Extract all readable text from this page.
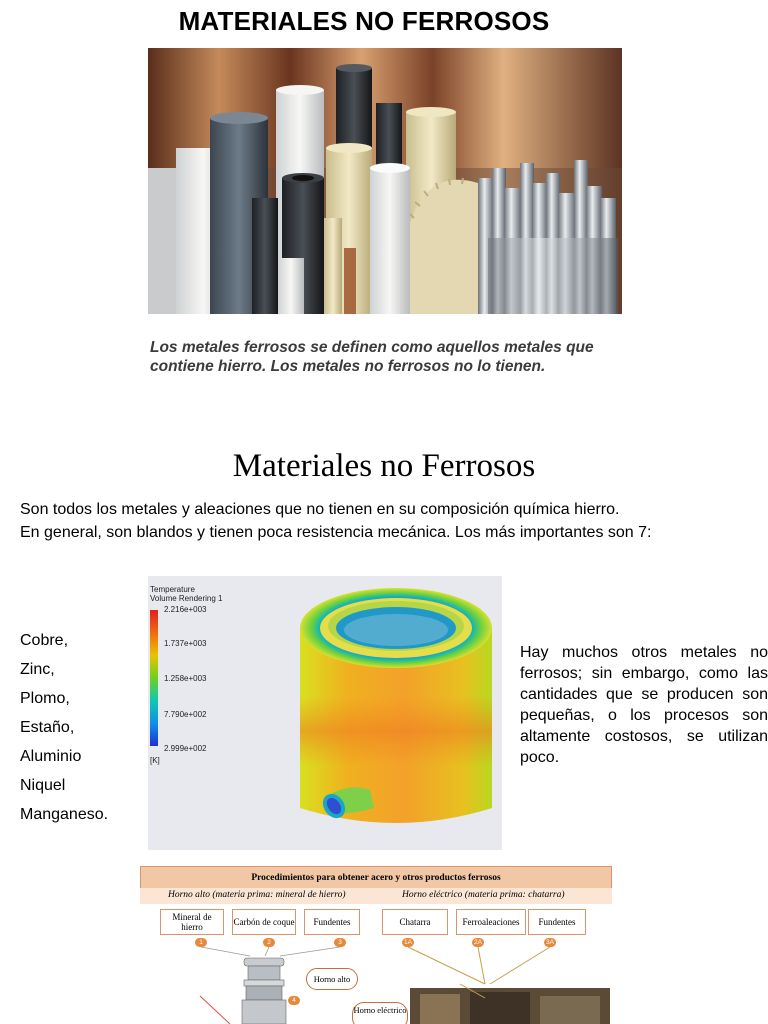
MATERIALES NO FERROSOS
Los metales ferrosos se definen como aquellos metales que contiene hierro. Los metales no ferrosos no lo tienen.
Materiales no Ferrosos
Son todos los metales y aleaciones que no tienen en su composición química hierro.
En general, son blandos y tienen poca resistencia mecánica. Los más importantes son 7:
Cobre,
Zinc,
Plomo,
Estaño,
Aluminio
Niquel
Manganeso.
Temperature
Volume Rendering 1
2.216e+003
1.737e+003
1.258e+003
7.790e+002
2.999e+002
[K]
Hay muchos otros metales no ferrosos; sin embargo, como las cantidades que se producen son pequeñas, o los procesos son altamente costosos, se utilizan poco.
Procedimientos para obtener acero y otros productos ferrosos
Horno alto (materia prima: mineral de hierro)	Horno eléctrico (materia prima: chatarra)
Mineral de hierro	Carbón de coque	Fundentes	Chatarra	Ferroaleaciones	Fundentes
1	2	3	1A	2A	3A
4
Horno alto
Horno eléctrico
